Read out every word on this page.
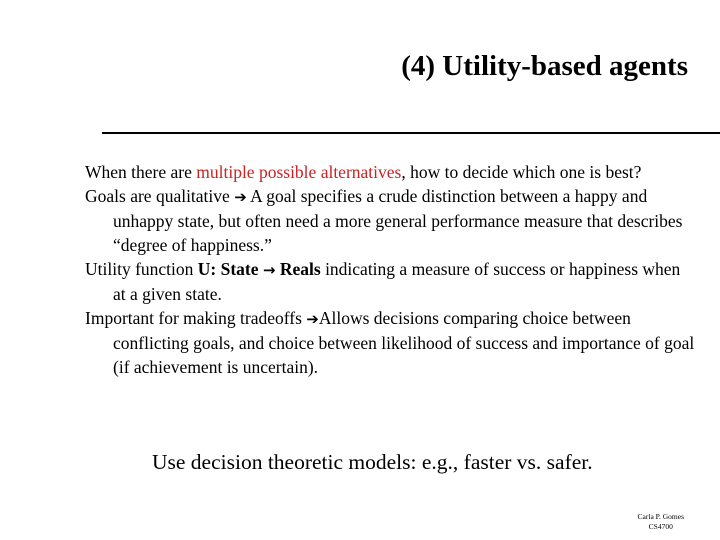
(4) Utility-based agents
When there are multiple possible alternatives, how to decide which one is best?
Goals are qualitative ➔ A goal specifies a crude distinction between a happy and unhappy state, but often need a more general performance measure that describes “degree of happiness.”
Utility function U: State → Reals indicating a measure of success or happiness when at a given state.
Important for making tradeoffs ➔Allows decisions comparing choice between conflicting goals, and choice between likelihood of success and importance of goal (if achievement is uncertain).
Use decision theoretic models: e.g., faster vs. safer.
Carla P. Gomes
CS4700
